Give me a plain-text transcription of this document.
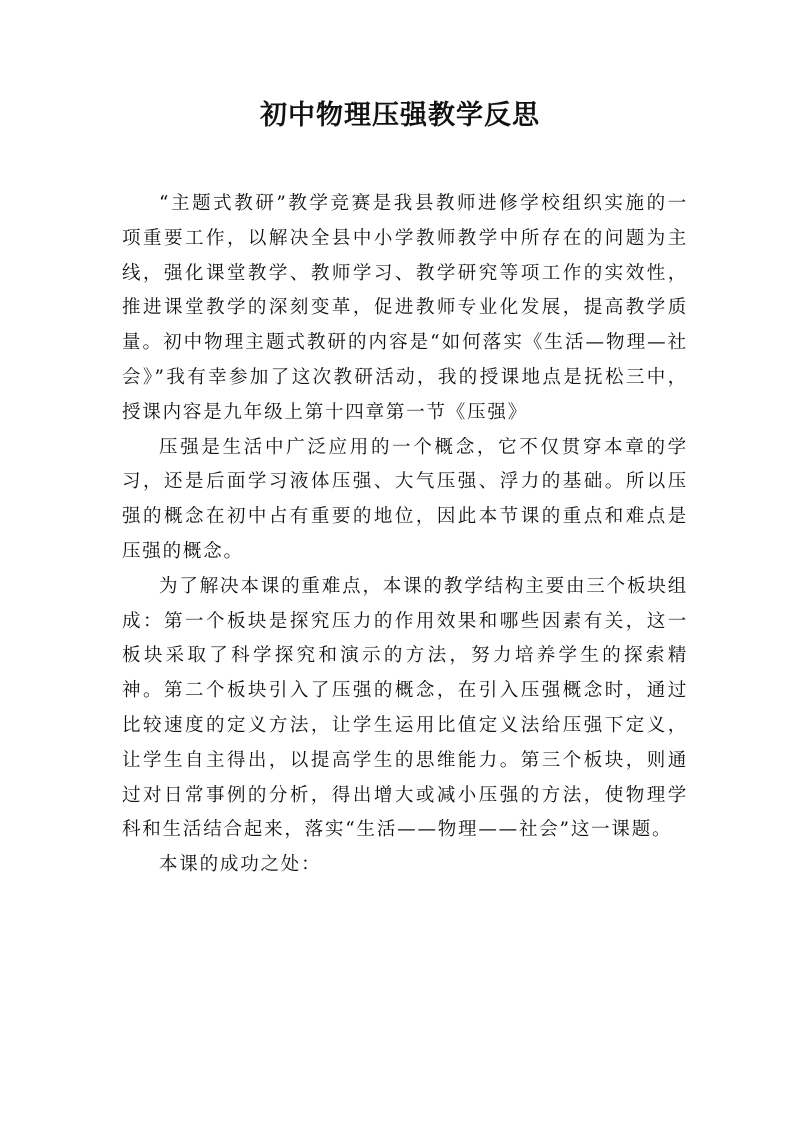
初中物理压强教学反思

“主题式教研”教学竞赛是我县教师进修学校组织实施的一项重要工作，以解决全县中小学教师教学中所存在的问题为主线，强化课堂教学、教师学习、教学研究等项工作的实效性，推进课堂教学的深刻变革，促进教师专业化发展，提高教学质量。初中物理主题式教研的内容是“如何落实《生活—物理—社会》”我有幸参加了这次教研活动，我的授课地点是抚松三中，授课内容是九年级上第十四章第一节《压强》

压强是生活中广泛应用的一个概念，它不仅贯穿本章的学习，还是后面学习液体压强、大气压强、浮力的基础。所以压强的概念在初中占有重要的地位，因此本节课的重点和难点是压强的概念。

为了解决本课的重难点，本课的教学结构主要由三个板块组成：第一个板块是探究压力的作用效果和哪些因素有关，这一板块采取了科学探究和演示的方法，努力培养学生的探索精神。第二个板块引入了压强的概念，在引入压强概念时，通过比较速度的定义方法，让学生运用比值定义法给压强下定义，让学生自主得出，以提高学生的思维能力。第三个板块，则通过对日常事例的分析，得出增大或减小压强的方法，使物理学科和生活结合起来，落实“生活——物理——社会”这一课题。

本课的成功之处：
